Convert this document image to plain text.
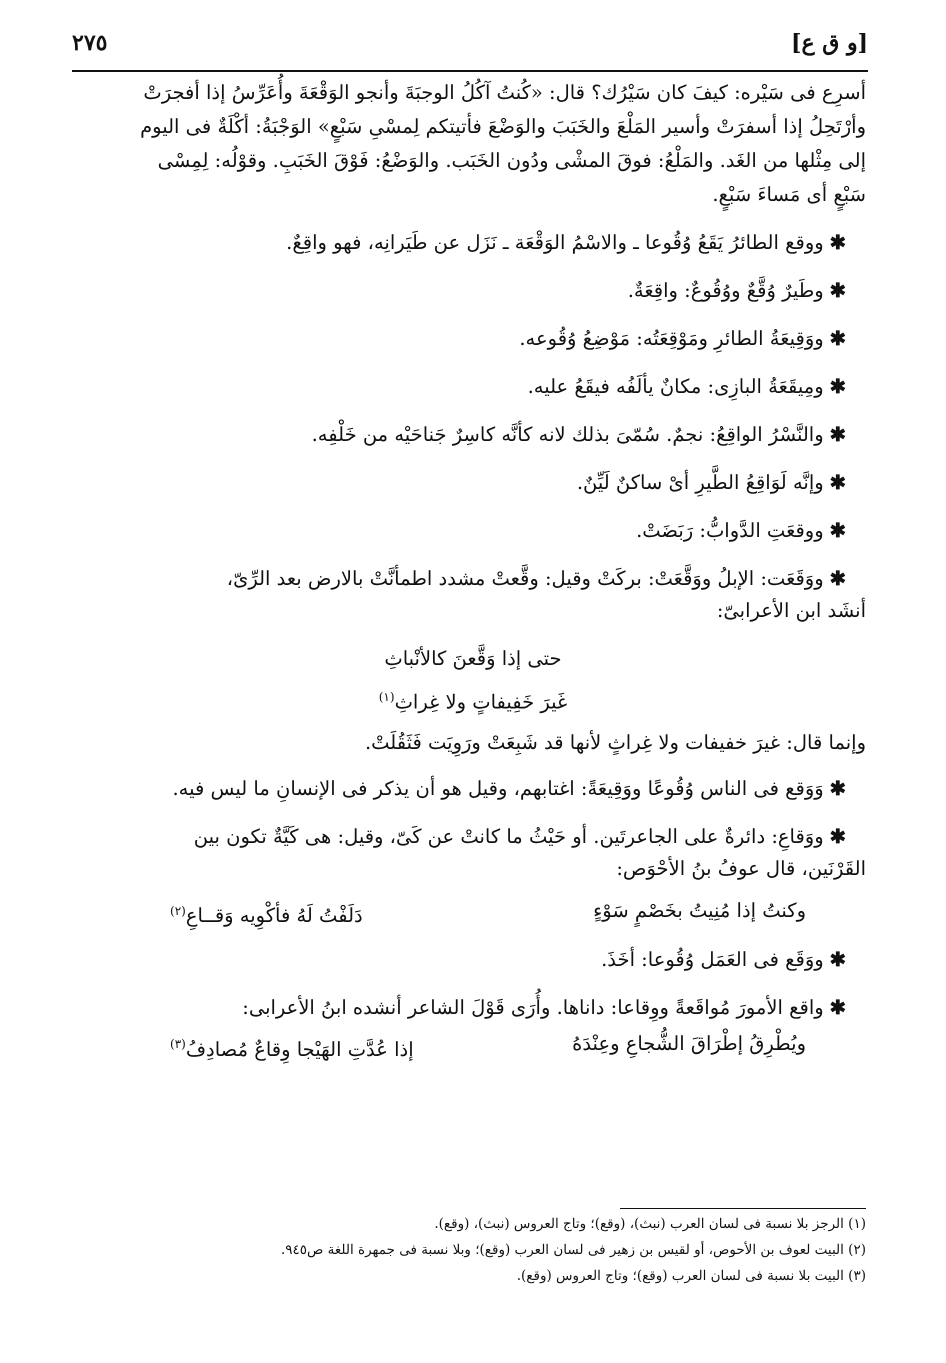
[و ق ع]
٢٧٥
أسرِع فى سَيْره: كيفَ كان سَيْرُك؟ قال: «كُنتُ آكُلُ الوجبَةَ وأنجو الوَقْعَةَ وأُعَرِّسُ إذا أفجرَتْ
وأرْتَحِلُ إذا أسفرَتْ وأسير المَلْعَ والخَبَبَ والوَضْعَ فأتيتكم لِمسْىِ سَبْعٍ» الوَجْبَةُ: أكْلَةٌ فى اليوم
إلى مِثْلها من الغَد. والمَلْعُ: فوقَ المشْى ودُون الخَبَب. والوَضْعُ: فَوْقَ الخَبَبِ. وقوْلُه: لِمِسْى
سَبْعٍ أى مَساءَ سَبْعٍ.
✱ووقع الطائرُ يَقَعُ وُقُوعا ـ والاسْمُ الوَقْعَة ـ نَزَل عن طَيَرانِه، فهو واقِعٌ.
✱وطَيرٌ وُقَّعٌ ووُقُوعٌ: واقِعَةٌ.
✱ووَقِيعَةُ الطائرِ ومَوْقِعَتُه: مَوْضِعُ وُقُوعه.
✱ومِيقَعَةُ البازِى: مكانٌ يألَفُه فيقَعُ عليه.
✱والنَّسْرُ الواقِعُ: نجمٌ. سُمّىَ بذلك لانه كأنَّه كاسِرٌ جَناحَيْه من خَلْفِه.
✱وإنَّه لَوَاقِعُ الطَّيرِ أىْ ساكنٌ لَيِّنٌ.
✱ووقعَتِ الدَّوابُّ: رَبَضَتْ.
✱ووَقَعَت: الإبلُ ووَقَّعَتْ: بركَتْ وقيل: وقَّعتْ مشدد اطمأنَّتْ بالارض بعد الرِّىّ،
أنشَد ابن الأعرابىّ:
حتى إذا وَقَّعنَ كالأنْباثِ
غَيرَ خَفِيفاتٍ ولا غِراثِ$^{(١)}$
وإنما قال: غيرَ خفيفات ولا غِراثٍ لأنها قد شَبِعَتْ ورَوِيَت فَثَقُلَتْ.
✱وَوَقع فى الناس وُقُوعًا ووَقِيعَةً: اغتابهم، وقيل هو أن يذكر فى الإنسانِ ما ليس فيه.
✱ووَقاعِ: دائرةٌ على الجاعرتَين. أو حَيْثُ ما كانتْ عن كَىّ، وقيل: هى كَيَّةٌ تكون بين
القَرْنَين، قال عوفُ بنُ الأحْوَص:
وكنتُ إذا مُنِيتُ بخَصْمٍ سَوْءٍ
دَلَفْتُ لَهُ فأكْوِيه وَقــاعِ$^{(٢)}$
✱ووَقَع فى العَمَل وُقُوعا: أخَذَ.
✱واقع الأمورَ مُواقَعةً ووِقاعا: داناها. وأُرَى قَوْلَ الشاعر أنشده ابنُ الأعرابى:
ويُطْرِقُ إطْرَاقَ الشُّجاعِ وعِنْدَهُ
إذا عُدَّتِ الهَيْجا وِقاعٌ مُصادِفُ$^{(٣)}$
(١) الرجز بلا نسبة فى لسان العرب (نبث)، (وقع)؛ وتاج العروس (نبث)، (وقع).
(٢) البيت لعوف بن الأحوص، أو لقيس بن زهير فى لسان العرب (وقع)؛ وبلا نسبة فى جمهرة اللغة ص٩٤٥.
(٣) البيت بلا نسبة فى لسان العرب (وقع)؛ وتاج العروس (وقع).
